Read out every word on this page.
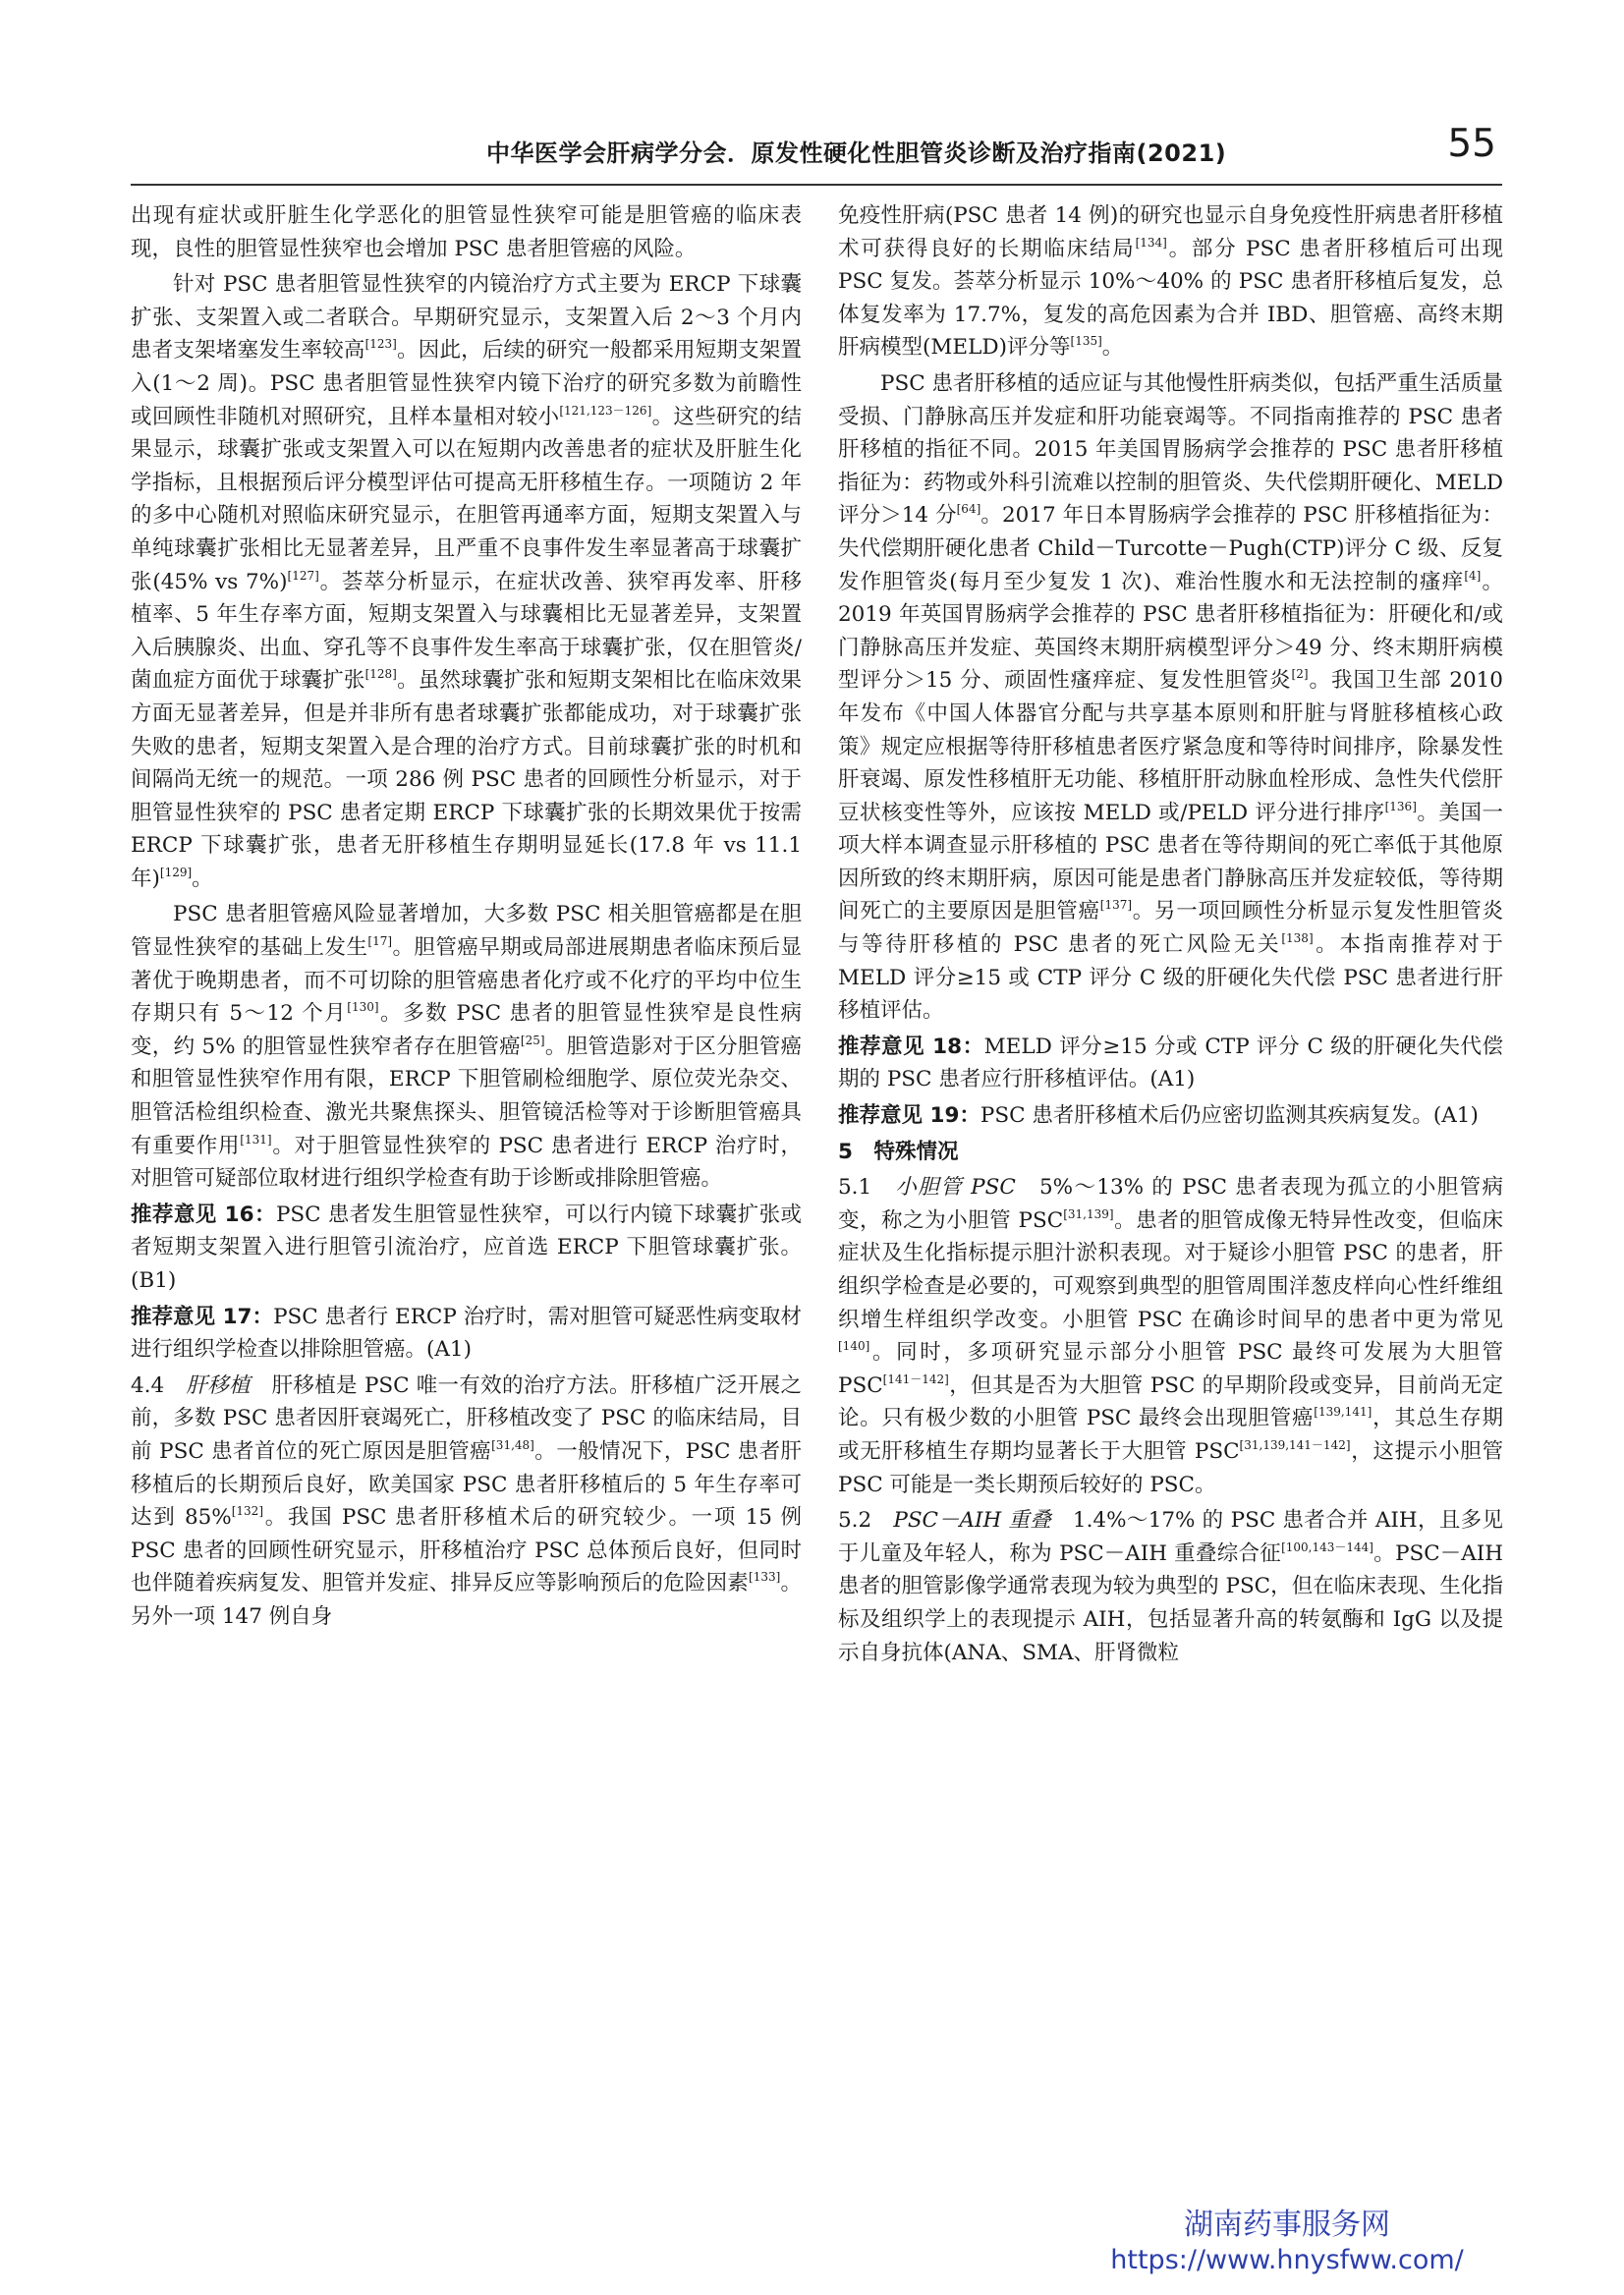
中华医学会肝病学分会．原发性硬化性胆管炎诊断及治疗指南(2021)	55

出现有症状或肝脏生化学恶化的胆管显性狭窄可能是胆管癌的临床表现，良性的胆管显性狭窄也会增加 PSC 患者胆管癌的风险。

针对 PSC 患者胆管显性狭窄的内镜治疗方式主要为 ERCP 下球囊扩张、支架置入或二者联合。早期研究显示，支架置入后 2～3 个月内患者支架堵塞发生率较高[123]。因此，后续的研究一般都采用短期支架置入(1～2 周)。PSC 患者胆管显性狭窄内镜下治疗的研究多数为前瞻性或回顾性非随机对照研究，且样本量相对较小[121,123－126]。这些研究的结果显示，球囊扩张或支架置入可以在短期内改善患者的症状及肝脏生化学指标，且根据预后评分模型评估可提高无肝移植生存。一项随访 2 年的多中心随机对照临床研究显示，在胆管再通率方面，短期支架置入与单纯球囊扩张相比无显著差异，且严重不良事件发生率显著高于球囊扩张(45% vs 7%)[127]。荟萃分析显示，在症状改善、狭窄再发率、肝移植率、5 年生存率方面，短期支架置入与球囊相比无显著差异，支架置入后胰腺炎、出血、穿孔等不良事件发生率高于球囊扩张，仅在胆管炎/菌血症方面优于球囊扩张[128]。虽然球囊扩张和短期支架相比在临床效果方面无显著差异，但是并非所有患者球囊扩张都能成功，对于球囊扩张失败的患者，短期支架置入是合理的治疗方式。目前球囊扩张的时机和间隔尚无统一的规范。一项 286 例 PSC 患者的回顾性分析显示，对于胆管显性狭窄的 PSC 患者定期 ERCP 下球囊扩张的长期效果优于按需 ERCP 下球囊扩张，患者无肝移植生存期明显延长(17.8 年 vs 11.1 年)[129]。

PSC 患者胆管癌风险显著增加，大多数 PSC 相关胆管癌都是在胆管显性狭窄的基础上发生[17]。胆管癌早期或局部进展期患者临床预后显著优于晚期患者，而不可切除的胆管癌患者化疗或不化疗的平均中位生存期只有 5～12 个月[130]。多数 PSC 患者的胆管显性狭窄是良性病变，约 5% 的胆管显性狭窄者存在胆管癌[25]。胆管造影对于区分胆管癌和胆管显性狭窄作用有限，ERCP 下胆管刷检细胞学、原位荧光杂交、胆管活检组织检查、激光共聚焦探头、胆管镜活检等对于诊断胆管癌具有重要作用[131]。对于胆管显性狭窄的 PSC 患者进行 ERCP 治疗时，对胆管可疑部位取材进行组织学检查有助于诊断或排除胆管癌。

推荐意见 16：PSC 患者发生胆管显性狭窄，可以行内镜下球囊扩张或者短期支架置入进行胆管引流治疗，应首选 ERCP 下胆管球囊扩张。(B1)

推荐意见 17：PSC 患者行 ERCP 治疗时，需对胆管可疑恶性病变取材进行组织学检查以排除胆管癌。(A1)

4.4　 肝移植　 肝移植是 PSC 唯一有效的治疗方法。肝移植广泛开展之前，多数 PSC 患者因肝衰竭死亡，肝移植改变了 PSC 的临床结局，目前 PSC 患者首位的死亡原因是胆管癌[31,48]。一般情况下，PSC 患者肝移植后的长期预后良好，欧美国家 PSC 患者肝移植后的 5 年生存率可达到 85%[132]。我国 PSC 患者肝移植术后的研究较少。一项 15 例 PSC 患者的回顾性研究显示，肝移植治疗 PSC 总体预后良好，但同时也伴随着疾病复发、胆管并发症、排异反应等影响预后的危险因素[133]。另外一项 147 例自身

免疫性肝病(PSC 患者 14 例)的研究也显示自身免疫性肝病患者肝移植术可获得良好的长期临床结局[134]。部分 PSC 患者肝移植后可出现 PSC 复发。荟萃分析显示 10%～40% 的 PSC 患者肝移植后复发，总体复发率为 17.7%，复发的高危因素为合并 IBD、胆管癌、高终末期肝病模型(MELD)评分等[135]。

PSC 患者肝移植的适应证与其他慢性肝病类似，包括严重生活质量受损、门静脉高压并发症和肝功能衰竭等。不同指南推荐的 PSC 患者肝移植的指征不同。2015 年美国胃肠病学会推荐的 PSC 患者肝移植指征为：药物或外科引流难以控制的胆管炎、失代偿期肝硬化、MELD 评分＞14 分[64]。2017 年日本胃肠病学会推荐的 PSC 肝移植指征为：失代偿期肝硬化患者 Child－Turcotte－Pugh(CTP)评分 C 级、反复发作胆管炎(每月至少复发 1 次)、难治性腹水和无法控制的瘙痒[4]。2019 年英国胃肠病学会推荐的 PSC 患者肝移植指征为：肝硬化和/或门静脉高压并发症、英国终末期肝病模型评分＞49 分、终末期肝病模型评分＞15 分、顽固性瘙痒症、复发性胆管炎[2]。我国卫生部 2010 年发布《中国人体器官分配与共享基本原则和肝脏与肾脏移植核心政策》规定应根据等待肝移植患者医疗紧急度和等待时间排序，除暴发性肝衰竭、原发性移植肝无功能、移植肝肝动脉血栓形成、急性失代偿肝豆状核变性等外，应该按 MELD 或/PELD 评分进行排序[136]。美国一项大样本调查显示肝移植的 PSC 患者在等待期间的死亡率低于其他原因所致的终末期肝病，原因可能是患者门静脉高压并发症较低，等待期间死亡的主要原因是胆管癌[137]。另一项回顾性分析显示复发性胆管炎与等待肝移植的 PSC 患者的死亡风险无关[138]。本指南推荐对于 MELD 评分≥15 或 CTP 评分 C 级的肝硬化失代偿 PSC 患者进行肝移植评估。

推荐意见 18：MELD 评分≥15 分或 CTP 评分 C 级的肝硬化失代偿期的 PSC 患者应行肝移植评估。(A1)

推荐意见 19：PSC 患者肝移植术后仍应密切监测其疾病复发。(A1)

5　特殊情况

5.1　 小胆管 PSC　 5%～13% 的 PSC 患者表现为孤立的小胆管病变，称之为小胆管 PSC[31,139]。患者的胆管成像无特异性改变，但临床症状及生化指标提示胆汁淤积表现。对于疑诊小胆管 PSC 的患者，肝组织学检查是必要的，可观察到典型的胆管周围洋葱皮样向心性纤维组织增生样组织学改变。小胆管 PSC 在确诊时间早的患者中更为常见[140]。同时，多项研究显示部分小胆管 PSC 最终可发展为大胆管 PSC[141－142]，但其是否为大胆管 PSC 的早期阶段或变异，目前尚无定论。只有极少数的小胆管 PSC 最终会出现胆管癌[139,141]，其总生存期或无肝移植生存期均显著长于大胆管 PSC[31,139,141－142]，这提示小胆管 PSC 可能是一类长期预后较好的 PSC。

5.2　 PSC－AIH 重叠　 1.4%～17% 的 PSC 患者合并 AIH，且多见于儿童及年轻人，称为 PSC－AIH 重叠综合征[100,143－144]。PSC－AIH 患者的胆管影像学通常表现为较为典型的 PSC，但在临床表现、生化指标及组织学上的表现提示 AIH，包括显著升高的转氨酶和 IgG 以及提示自身抗体(ANA、SMA、肝肾微粒

湖南药事服务网
https://www.hnysfww.com/
